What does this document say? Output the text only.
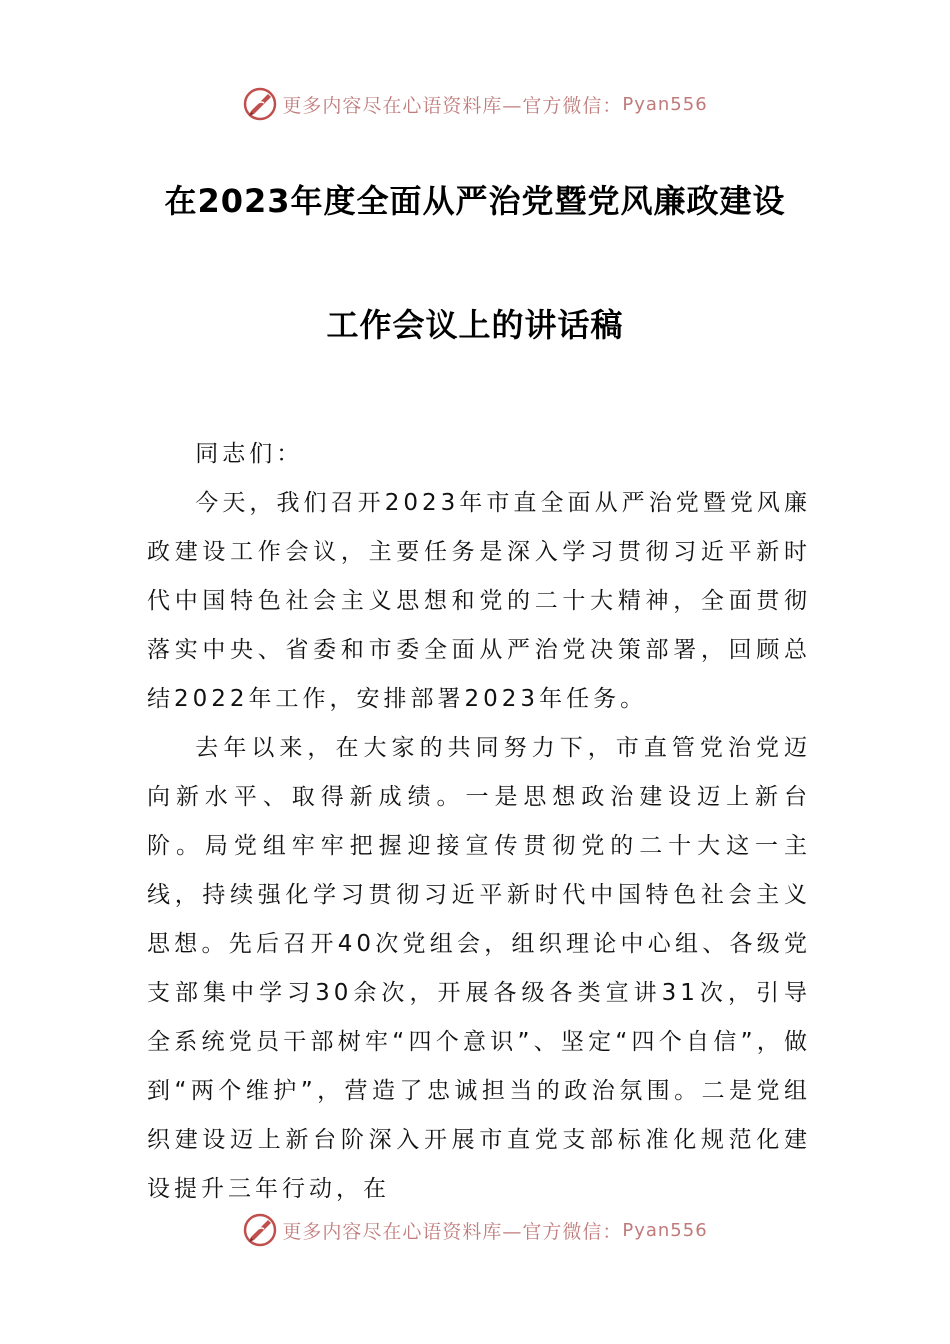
更多内容尽在心语资料库— 官方微信： Pyan556
在2023年度全面从严治党暨党风廉政建设
工作会议上的讲话稿

同志们：

今天，我们召开2023年市直全面从严治党暨党风廉政建设工作会议，主要任务是深入学习贯彻习近平新时代中国特色社会主义思想和党的二十大精神，全面贯彻落实中央、省委和市委全面从严治党决策部署，回顾总结2022年工作，安排部署2023年任务。

去年以来，在大家的共同努力下，市直管党治党迈向新水平、取得新成绩。一是思想政治建设迈上新台阶。局党组牢牢把握迎接宣传贯彻党的二十大这一主线，持续强化学习贯彻习近平新时代中国特色社会主义思想。先后召开40次党组会，组织理论中心组、各级党支部集中学习30余次，开展各级各类宣讲31次，引导全系统党员干部树牢“四个意识”、坚定“四个自信”，做到“两个维护”，营造了忠诚担当的政治氛围。二是党组织建设迈上新台阶深入开展市直党支部标准化规范化建设提升三年行动，在

更多内容尽在心语资料库— 官方微信： Pyan556
